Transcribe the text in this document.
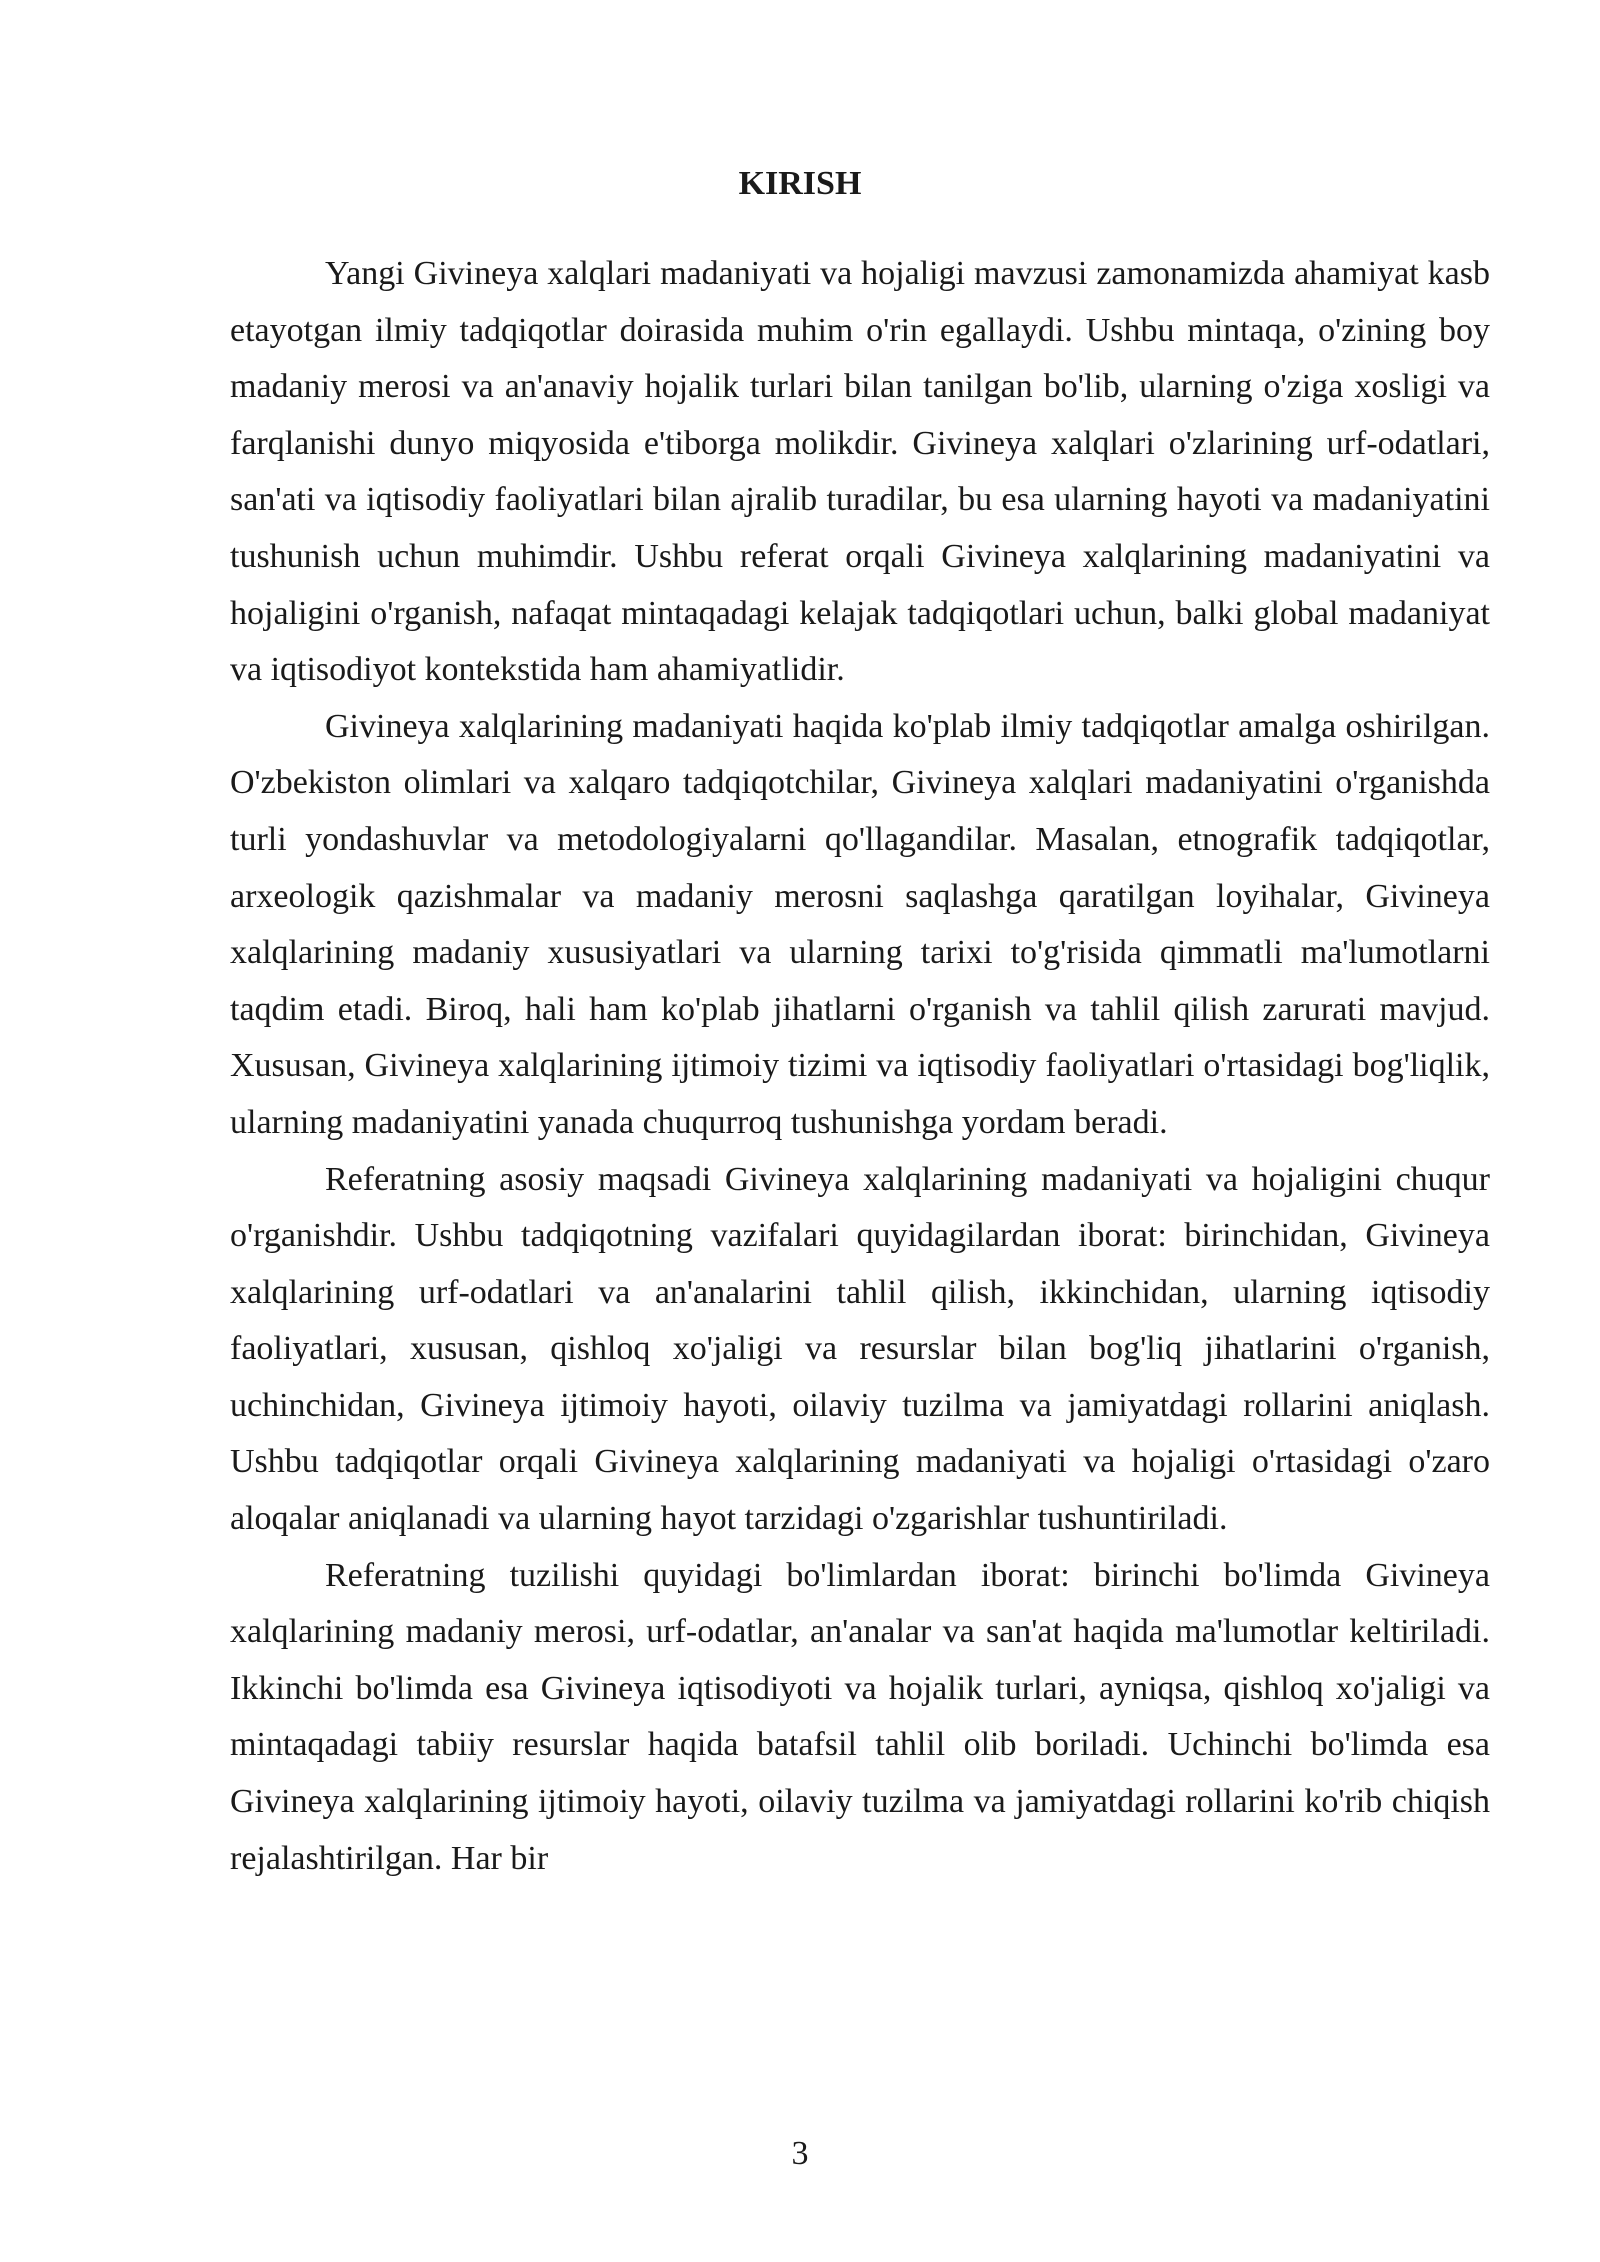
KIRISH

Yangi Givineya xalqlari madaniyati va hojaligi mavzusi zamonamizda ahamiyat kasb etayotgan ilmiy tadqiqotlar doirasida muhim o'rin egallaydi. Ushbu mintaqa, o'zining boy madaniy merosi va an'anaviy hojalik turlari bilan tanilgan bo'lib, ularning o'ziga xosligi va farqlanishi dunyo miqyosida e'tiborga molikdir. Givineya xalqlari o'zlarining urf-odatlari, san'ati va iqtisodiy faoliyatlari bilan ajralib turadilar, bu esa ularning hayoti va madaniyatini tushunish uchun muhimdir. Ushbu referat orqali Givineya xalqlarining madaniyatini va hojaligini o'rganish, nafaqat mintaqadagi kelajak tadqiqotlari uchun, balki global madaniyat va iqtisodiyot kontekstida ham ahamiyatlidir.

Givineya xalqlarining madaniyati haqida ko'plab ilmiy tadqiqotlar amalga oshirilgan. O'zbekiston olimlari va xalqaro tadqiqotchilar, Givineya xalqlari madaniyatini o'rganishda turli yondashuvlar va metodologiyalarni qo'llagandilar. Masalan, etnografik tadqiqotlar, arxeologik qazishmalar va madaniy merosni saqlashga qaratilgan loyihalar, Givineya xalqlarining madaniy xususiyatlari va ularning tarixi to'g'risida qimmatli ma'lumotlarni taqdim etadi. Biroq, hali ham ko'plab jihatlarni o'rganish va tahlil qilish zarurati mavjud. Xususan, Givineya xalqlarining ijtimoiy tizimi va iqtisodiy faoliyatlari o'rtasidagi bog'liqlik, ularning madaniyatini yanada chuqurroq tushunishga yordam beradi.

Referatning asosiy maqsadi Givineya xalqlarining madaniyati va hojaligini chuqur o'rganishdir. Ushbu tadqiqotning vazifalari quyidagilardan iborat: birinchidan, Givineya xalqlarining urf-odatlari va an'analarini tahlil qilish, ikkinchidan, ularning iqtisodiy faoliyatlari, xususan, qishloq xo'jaligi va resurslar bilan bog'liq jihatlarini o'rganish, uchinchidan, Givineya ijtimoiy hayoti, oilaviy tuzilma va jamiyatdagi rollarini aniqlash. Ushbu tadqiqotlar orqali Givineya xalqlarining madaniyati va hojaligi o'rtasidagi o'zaro aloqalar aniqlanadi va ularning hayot tarzidagi o'zgarishlar tushuntiriladi.

Referatning tuzilishi quyidagi bo'limlardan iborat: birinchi bo'limda Givineya xalqlarining madaniy merosi, urf-odatlar, an'analar va san'at haqida ma'lumotlar keltiriladi. Ikkinchi bo'limda esa Givineya iqtisodiyoti va hojalik turlari, ayniqsa, qishloq xo'jaligi va mintaqadagi tabiiy resurslar haqida batafsil tahlil olib boriladi. Uchinchi bo'limda esa Givineya xalqlarining ijtimoiy hayoti, oilaviy tuzilma va jamiyatdagi rollarini ko'rib chiqish rejalashtirilgan. Har bir

3
